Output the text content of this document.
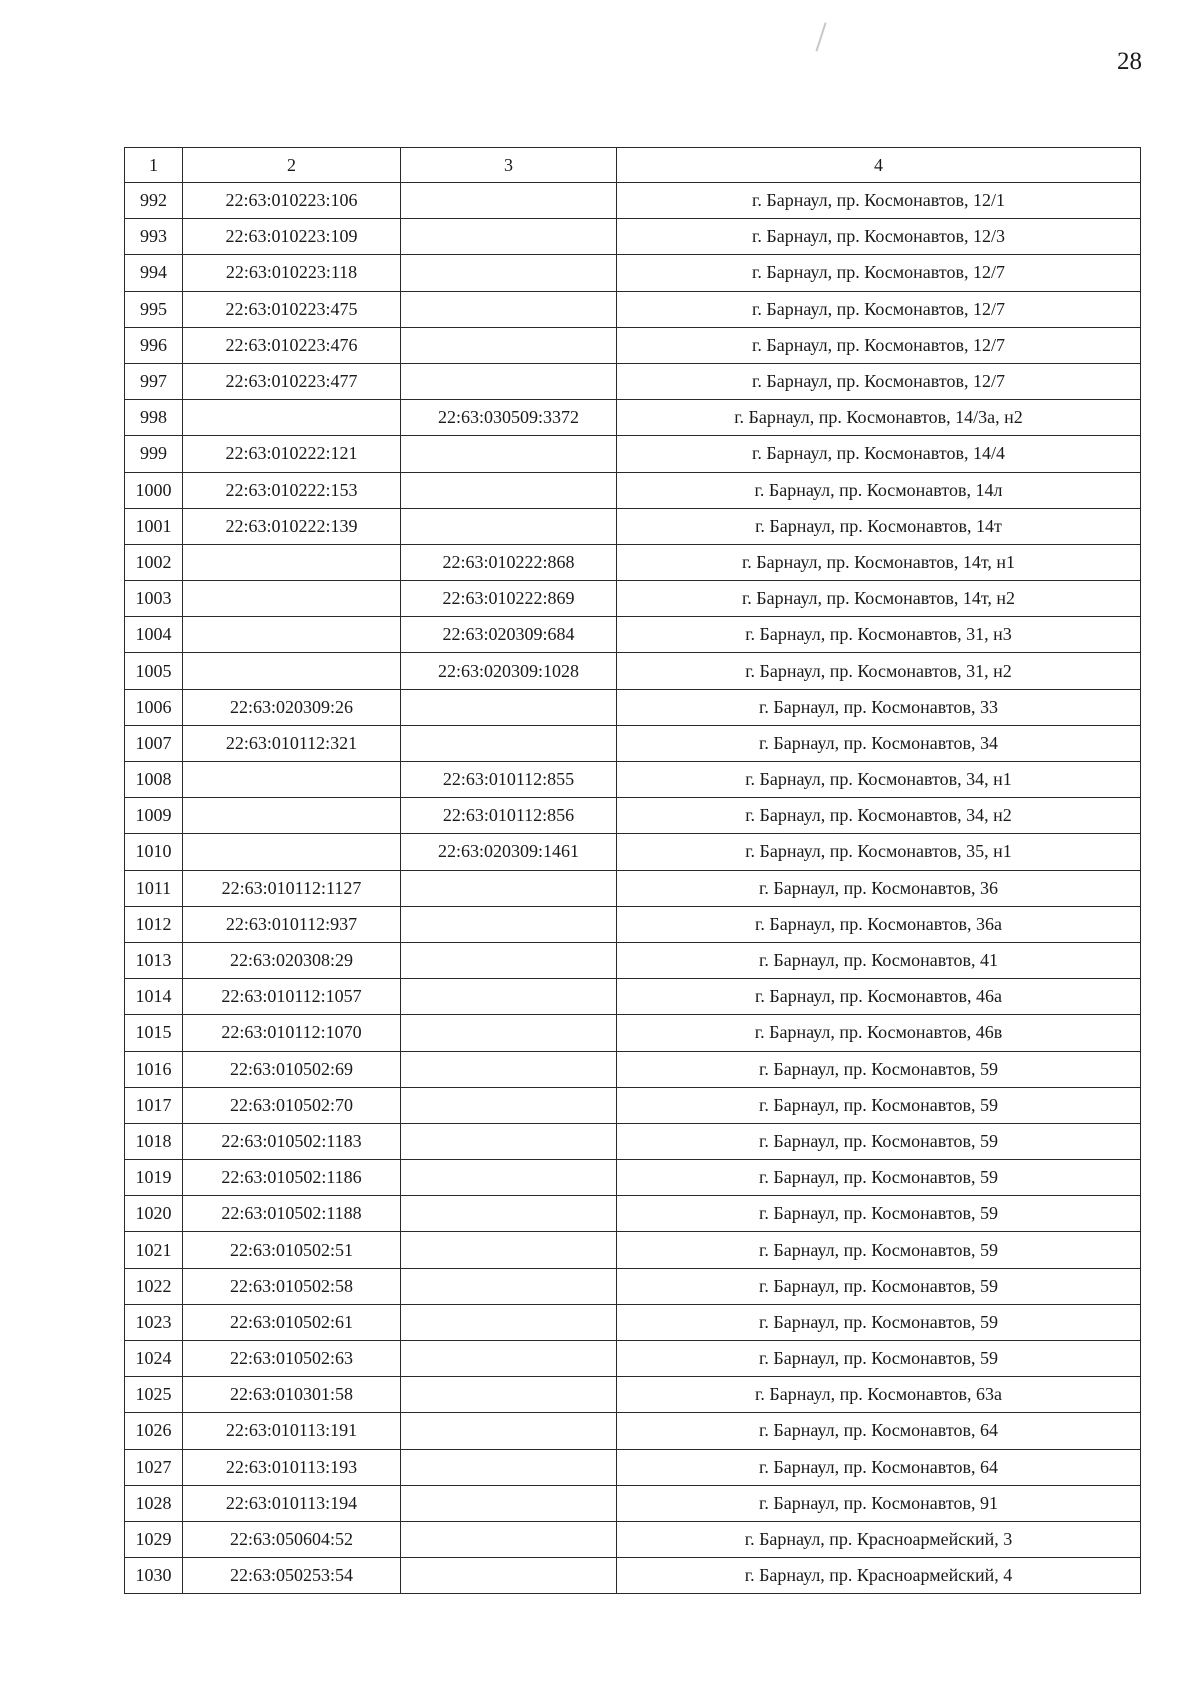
28
1	2	3	4
992	22:63:010223:106		г. Барнаул, пр. Космонавтов, 12/1
993	22:63:010223:109		г. Барнаул, пр. Космонавтов, 12/3
994	22:63:010223:118		г. Барнаул, пр. Космонавтов, 12/7
995	22:63:010223:475		г. Барнаул, пр. Космонавтов, 12/7
996	22:63:010223:476		г. Барнаул, пр. Космонавтов, 12/7
997	22:63:010223:477		г. Барнаул, пр. Космонавтов, 12/7
998		22:63:030509:3372	г. Барнаул, пр. Космонавтов, 14/3а, н2
999	22:63:010222:121		г. Барнаул, пр. Космонавтов, 14/4
1000	22:63:010222:153		г. Барнаул, пр. Космонавтов, 14л
1001	22:63:010222:139		г. Барнаул, пр. Космонавтов, 14т
1002		22:63:010222:868	г. Барнаул, пр. Космонавтов, 14т, н1
1003		22:63:010222:869	г. Барнаул, пр. Космонавтов, 14т, н2
1004		22:63:020309:684	г. Барнаул, пр. Космонавтов, 31, н3
1005		22:63:020309:1028	г. Барнаул, пр. Космонавтов, 31, н2
1006	22:63:020309:26		г. Барнаул, пр. Космонавтов, 33
1007	22:63:010112:321		г. Барнаул, пр. Космонавтов, 34
1008		22:63:010112:855	г. Барнаул, пр. Космонавтов, 34, н1
1009		22:63:010112:856	г. Барнаул, пр. Космонавтов, 34, н2
1010		22:63:020309:1461	г. Барнаул, пр. Космонавтов, 35, н1
1011	22:63:010112:1127		г. Барнаул, пр. Космонавтов, 36
1012	22:63:010112:937		г. Барнаул, пр. Космонавтов, 36а
1013	22:63:020308:29		г. Барнаул, пр. Космонавтов, 41
1014	22:63:010112:1057		г. Барнаул, пр. Космонавтов, 46а
1015	22:63:010112:1070		г. Барнаул, пр. Космонавтов, 46в
1016	22:63:010502:69		г. Барнаул, пр. Космонавтов, 59
1017	22:63:010502:70		г. Барнаул, пр. Космонавтов, 59
1018	22:63:010502:1183		г. Барнаул, пр. Космонавтов, 59
1019	22:63:010502:1186		г. Барнаул, пр. Космонавтов, 59
1020	22:63:010502:1188		г. Барнаул, пр. Космонавтов, 59
1021	22:63:010502:51		г. Барнаул, пр. Космонавтов, 59
1022	22:63:010502:58		г. Барнаул, пр. Космонавтов, 59
1023	22:63:010502:61		г. Барнаул, пр. Космонавтов, 59
1024	22:63:010502:63		г. Барнаул, пр. Космонавтов, 59
1025	22:63:010301:58		г. Барнаул, пр. Космонавтов, 63а
1026	22:63:010113:191		г. Барнаул, пр. Космонавтов, 64
1027	22:63:010113:193		г. Барнаул, пр. Космонавтов, 64
1028	22:63:010113:194		г. Барнаул, пр. Космонавтов, 91
1029	22:63:050604:52		г. Барнаул, пр. Красноармейский, 3
1030	22:63:050253:54		г. Барнаул, пр. Красноармейский, 4
